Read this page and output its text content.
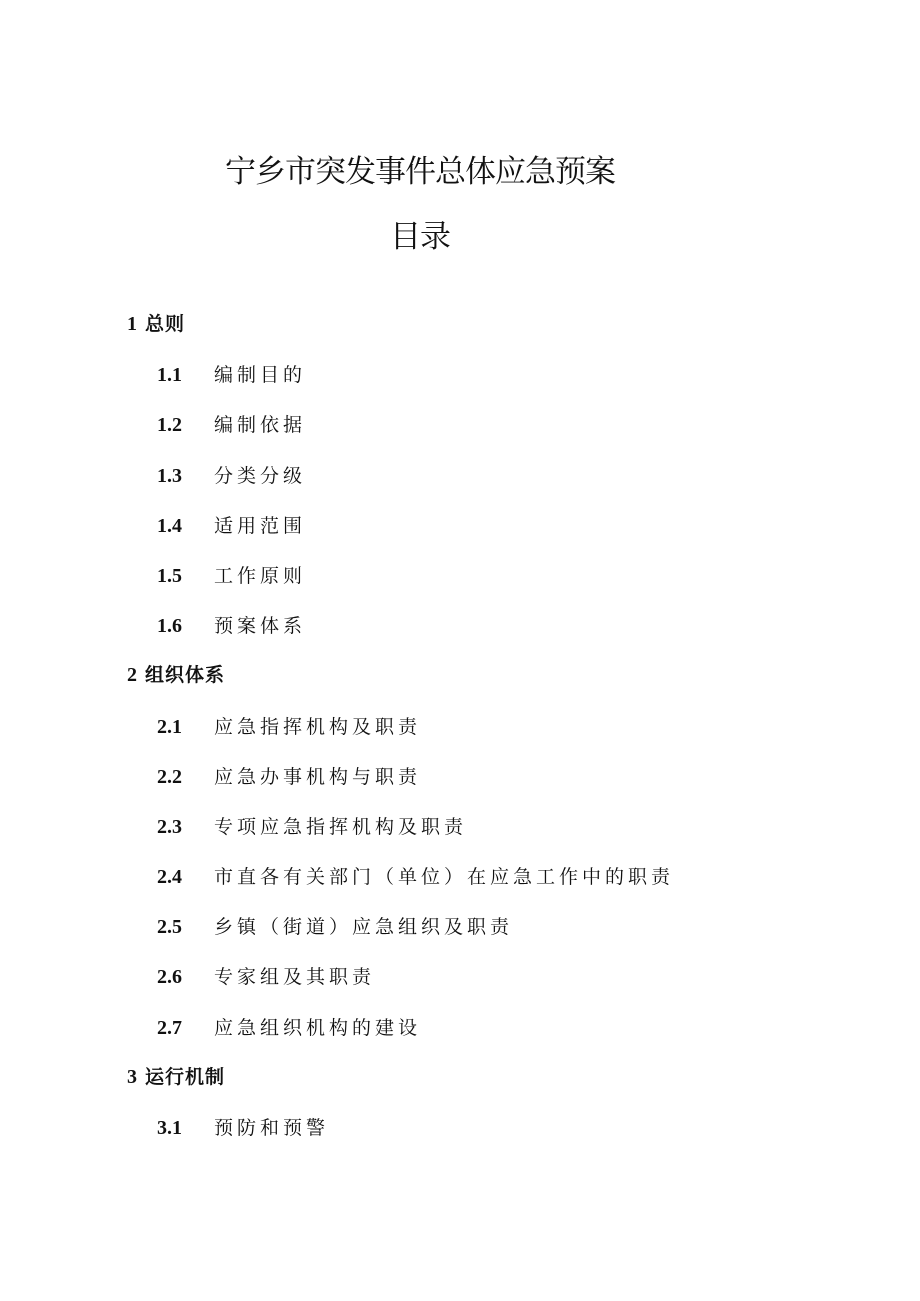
宁乡市突发事件总体应急预案
目录
1 总则
1.1 编制目的
1.2 编制依据
1.3 分类分级
1.4 适用范围
1.5 工作原则
1.6 预案体系
2 组织体系
2.1 应急指挥机构及职责
2.2 应急办事机构与职责
2.3 专项应急指挥机构及职责
2.4 市直各有关部门（单位）在应急工作中的职责
2.5 乡镇（街道）应急组织及职责
2.6 专家组及其职责
2.7 应急组织机构的建设
3 运行机制
3.1 预防和预警
